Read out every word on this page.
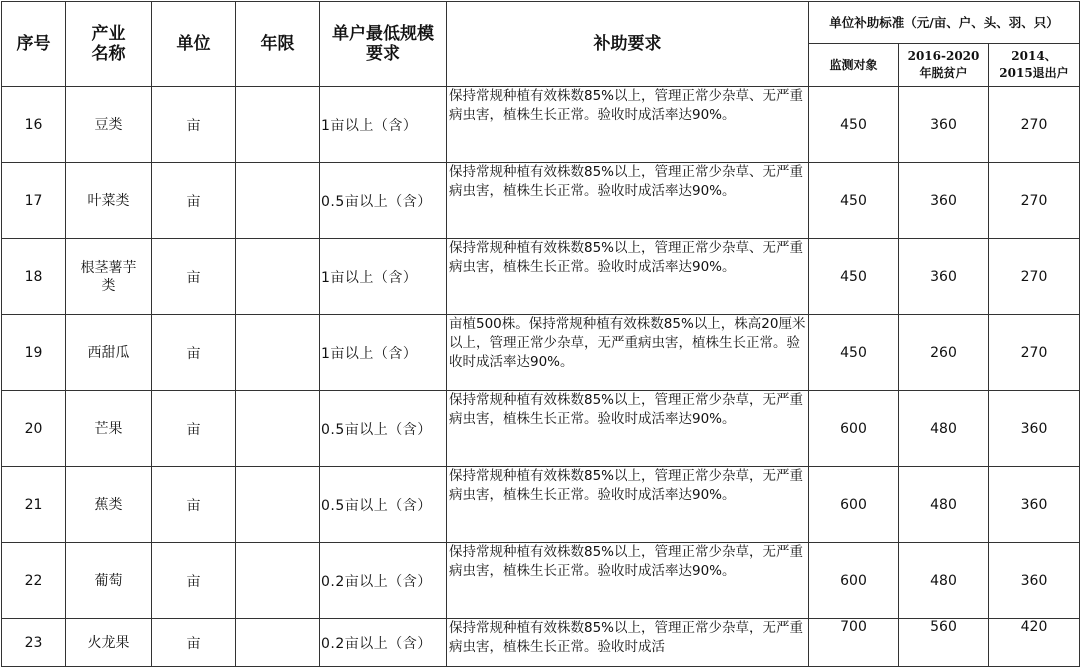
序号	产业名称	单位	年限	单户最低规模要求	补助要求	单位补助标准（元/亩、户、头、羽、只）		
						监测对象	2016-2020年脱贫户	2014、2015退出户

16	豆类	亩		1亩以上（含）	保持常规种植有效株数85%以上，管理正常少杂草、无严重病虫害，植株生长正常。验收时成活率达90%。	450	360	270
17	叶菜类	亩		0.5亩以上（含）	保持常规种植有效株数85%以上，管理正常少杂草、无严重病虫害，植株生长正常。验收时成活率达90%。	450	360	270
18	根茎薯芋类	亩		1亩以上（含）	保持常规种植有效株数85%以上，管理正常少杂草、无严重病虫害，植株生长正常。验收时成活率达90%。	450	360	270
19	西甜瓜	亩		1亩以上（含）	亩植500株。保持常规种植有效株数85%以上，株高20厘米以上，管理正常少杂草，无严重病虫害，植株生长正常。验收时成活率达90%。	450	260	270
20	芒果	亩		0.5亩以上（含）	保持常规种植有效株数85%以上，管理正常少杂草，无严重病虫害，植株生长正常。验收时成活率达90%。	600	480	360
21	蕉类	亩		0.5亩以上（含）	保持常规种植有效株数85%以上，管理正常少杂草，无严重病虫害，植株生长正常。验收时成活率达90%。	600	480	360
22	葡萄	亩		0.2亩以上（含）	保持常规种植有效株数85%以上，管理正常少杂草，无严重病虫害，植株生长正常。验收时成活率达90%。	600	480	360
23	火龙果	亩		0.2亩以上（含）	保持常规种植有效株数85%以上，管理正常少杂草，无严重病虫害，植株生长正常。验收时成活	700	560	420
